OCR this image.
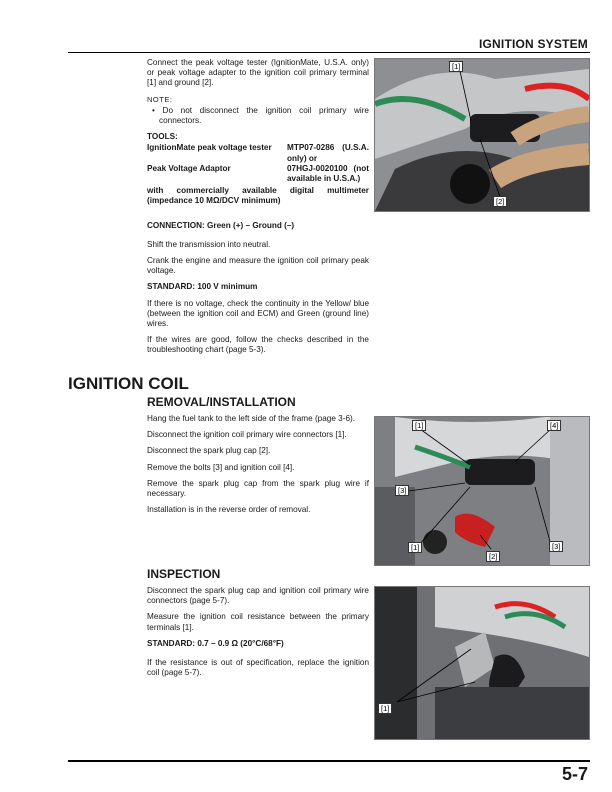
IGNITION SYSTEM

Connect the peak voltage tester (IgnitionMate, U.S.A. only) or peak voltage adapter to the ignition coil primary terminal [1] and ground [2].

NOTE:

• Do not disconnect the ignition coil primary wire connectors.

TOOLS:

IgnitionMate peak voltage tester	MTP07-0286 (U.S.A. only) or
Peak Voltage Adaptor	07HGJ-0020100 (not available in U.S.A.)

with commercially available digital multimeter (impedance 10 MΩ/DCV minimum)

CONNECTION: Green (+) – Ground (–)

Shift the transmission into neutral.

Crank the engine and measure the ignition coil primary peak voltage.

STANDARD: 100 V minimum

If there is no voltage, check the continuity in the Yellow/ blue (between the ignition coil and ECM) and Green (ground line) wires.

If the wires are good, follow the checks described in the troubleshooting chart (page 5-3).

[1]
[2]
IGNITION COIL
REMOVAL/INSTALLATION

Hang the fuel tank to the left side of the frame (page 3-6).

Disconnect the ignition coil primary wire connectors [1].

Disconnect the spark plug cap [2].

Remove the bolts [3] and ignition coil [4].

Remove the spark plug cap from the spark plug wire if necessary.

Installation is in the reverse order of removal.

[1]	[4]
[3]
[1]
[2]
[3]
INSPECTION

Disconnect the spark plug cap and ignition coil primary wire connectors (page 5-7).

Measure the ignition coil resistance between the primary terminals [1].

STANDARD: 0.7 – 0.9 Ω (20°C/68°F)

If the resistance is out of specification, replace the ignition coil (page 5-7).

[1]
5-7
